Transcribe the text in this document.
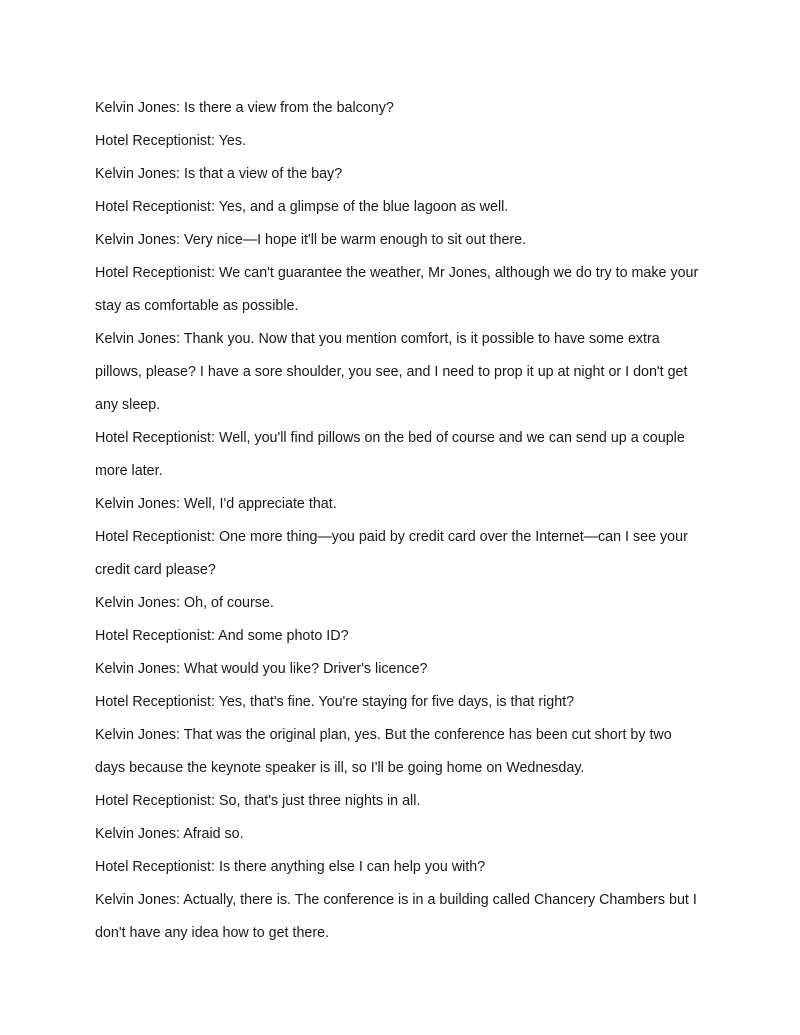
Kelvin Jones: Is there a view from the balcony?

Hotel Receptionist: Yes.

Kelvin Jones: Is that a view of the bay?

Hotel Receptionist: Yes, and a glimpse of the blue lagoon as well.

Kelvin Jones: Very nice—I hope it'll be warm enough to sit out there.

Hotel Receptionist: We can't guarantee the weather, Mr Jones, although we do try to make your

stay as comfortable as possible.

Kelvin Jones: Thank you. Now that you mention comfort, is it possible to have some extra

pillows, please? I have a sore shoulder, you see, and I need to prop it up at night or I don't get

any sleep.

Hotel Receptionist: Well, you'll find pillows on the bed of course and we can send up a couple

more later.

Kelvin Jones: Well, I'd appreciate that.

Hotel Receptionist: One more thing—you paid by credit card over the Internet—can I see your

credit card please?

Kelvin Jones: Oh, of course.

Hotel Receptionist: And some photo ID?

Kelvin Jones: What would you like? Driver's licence?

Hotel Receptionist: Yes, that's fine. You're staying for five days, is that right?

Kelvin Jones: That was the original plan, yes. But the conference has been cut short by two

days because the keynote speaker is ill, so I'll be going home on Wednesday.

Hotel Receptionist: So, that's just three nights in all.

Kelvin Jones: Afraid so.

Hotel Receptionist: Is there anything else I can help you with?

Kelvin Jones: Actually, there is. The conference is in a building called Chancery Chambers but I

don't have any idea how to get there.
